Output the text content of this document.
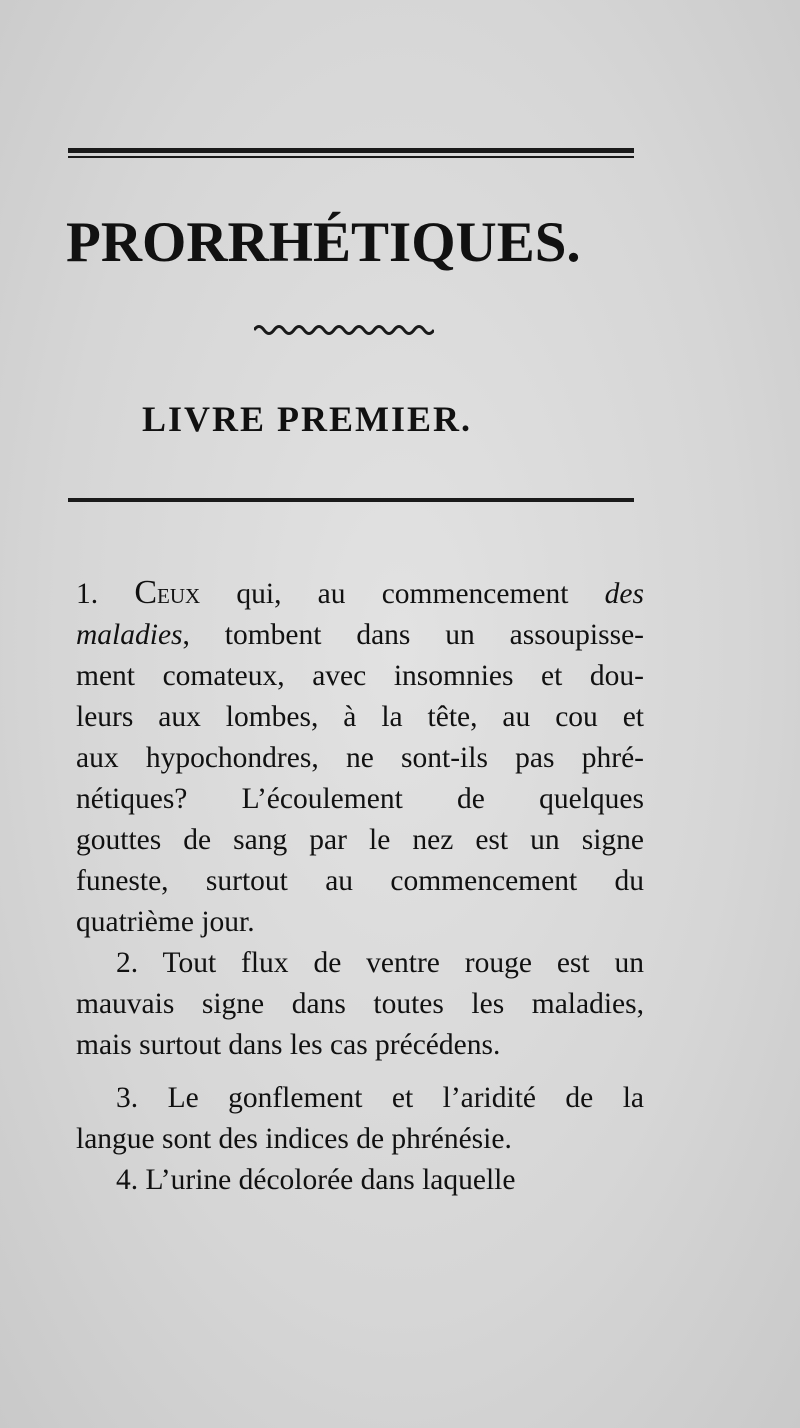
PRORRHÉTIQUES.
LIVRE PREMIER.
1. Ceux qui, au commencement des
maladies, tombent dans un assoupisse-
ment comateux, avec insomnies et dou-
leurs aux lombes, à la tête, au cou et
aux hypochondres, ne sont-ils pas phré-
nétiques? L’écoulement de quelques
gouttes de sang par le nez est un signe
funeste, surtout au commencement du
quatrième jour.
2. Tout flux de ventre rouge est un
mauvais signe dans toutes les maladies,
mais surtout dans les cas précédens.
3. Le gonflement et l’aridité de la
langue sont des indices de phrénésie.
4. L’urine décolorée dans laquelle
